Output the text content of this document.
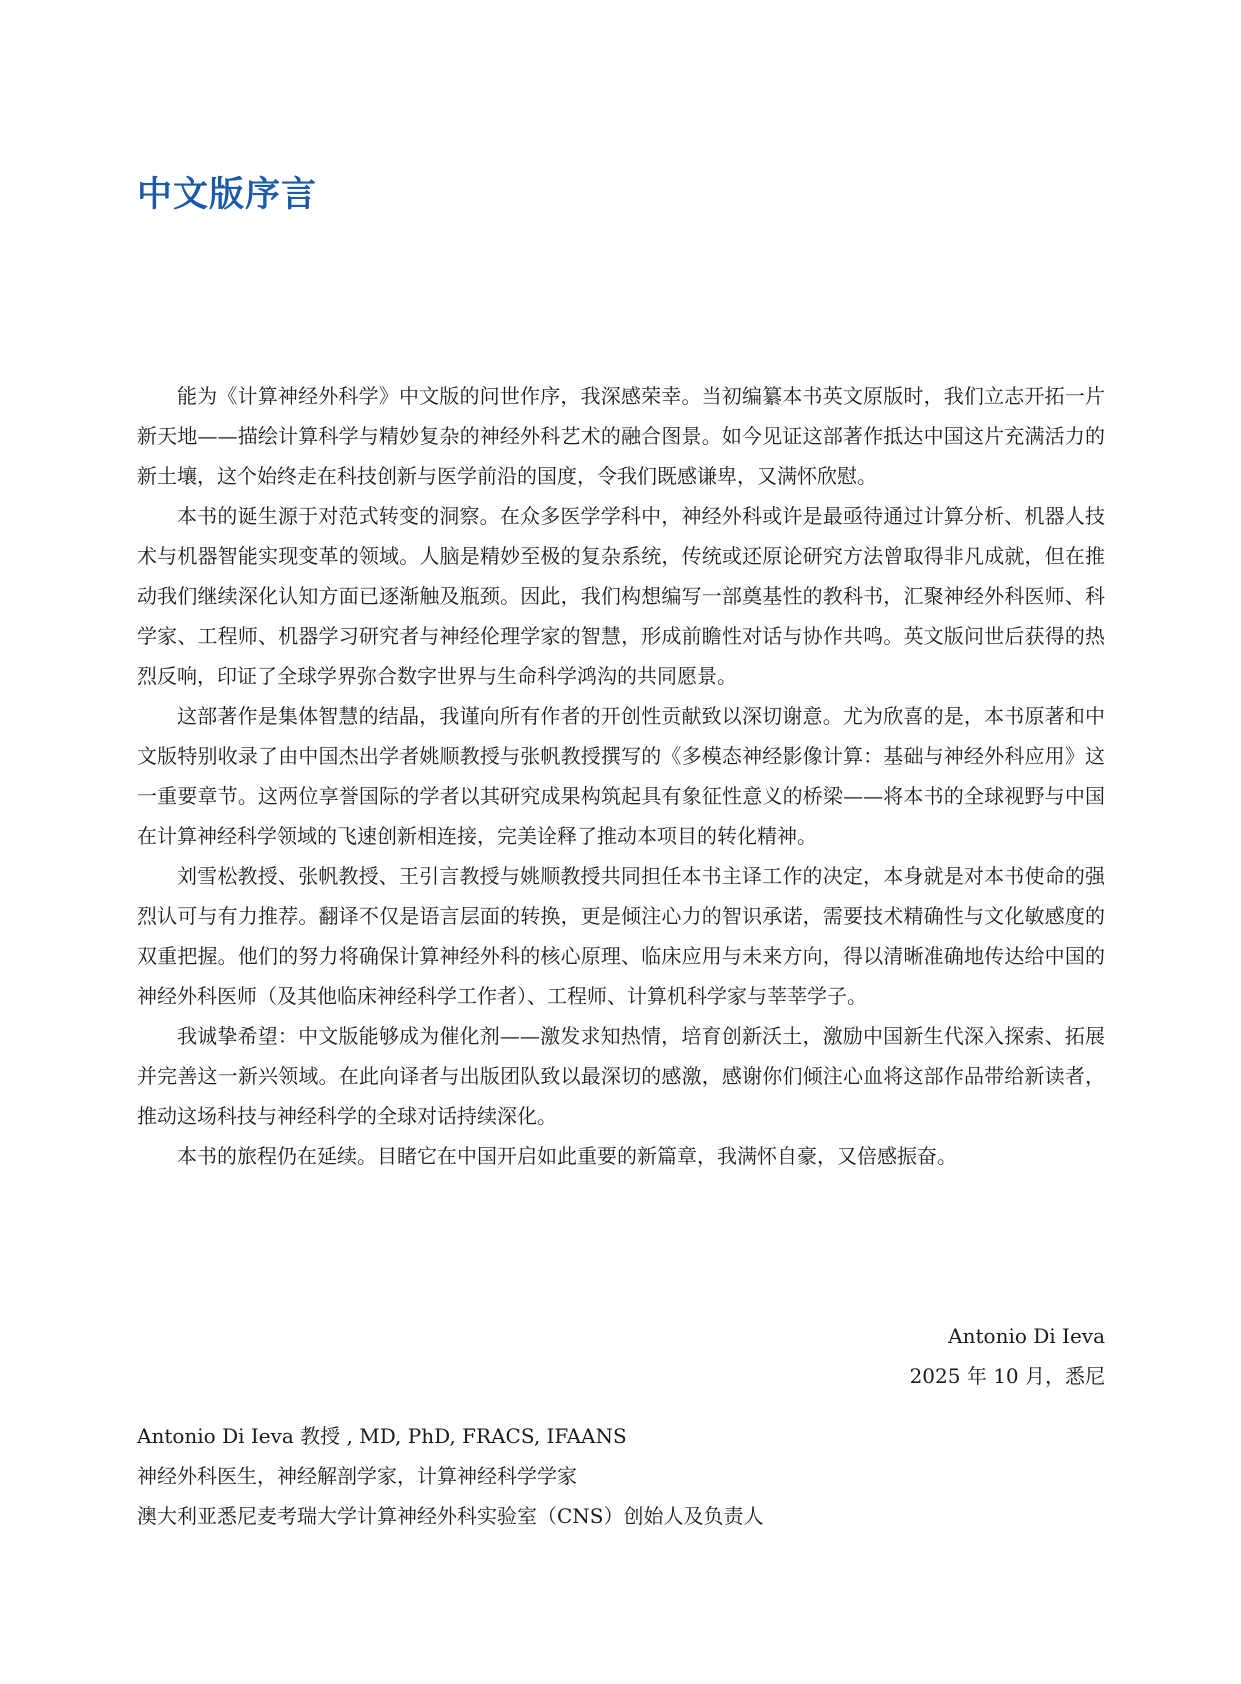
中文版序言

能为《计算神经外科学》中文版的问世作序，我深感荣幸。当初编纂本书英文原版时，我们立志开拓一片新天地——描绘计算科学与精妙复杂的神经外科艺术的融合图景。如今见证这部著作抵达中国这片充满活力的新土壤，这个始终走在科技创新与医学前沿的国度，令我们既感谦卑，又满怀欣慰。

本书的诞生源于对范式转变的洞察。在众多医学学科中，神经外科或许是最亟待通过计算分析、机器人技术与机器智能实现变革的领域。人脑是精妙至极的复杂系统，传统或还原论研究方法曾取得非凡成就，但在推动我们继续深化认知方面已逐渐触及瓶颈。因此，我们构想编写一部奠基性的教科书，汇聚神经外科医师、科学家、工程师、机器学习研究者与神经伦理学家的智慧，形成前瞻性对话与协作共鸣。英文版问世后获得的热烈反响，印证了全球学界弥合数字世界与生命科学鸿沟的共同愿景。

这部著作是集体智慧的结晶，我谨向所有作者的开创性贡献致以深切谢意。尤为欣喜的是，本书原著和中文版特别收录了由中国杰出学者姚顺教授与张帆教授撰写的《多模态神经影像计算：基础与神经外科应用》这一重要章节。这两位享誉国际的学者以其研究成果构筑起具有象征性意义的桥梁——将本书的全球视野与中国在计算神经科学领域的飞速创新相连接，完美诠释了推动本项目的转化精神。

刘雪松教授、张帆教授、王引言教授与姚顺教授共同担任本书主译工作的决定，本身就是对本书使命的强烈认可与有力推荐。翻译不仅是语言层面的转换，更是倾注心力的智识承诺，需要技术精确性与文化敏感度的双重把握。他们的努力将确保计算神经外科的核心原理、临床应用与未来方向，得以清晰准确地传达给中国的神经外科医师（及其他临床神经科学工作者）、工程师、计算机科学家与莘莘学子。

我诚挚希望：中文版能够成为催化剂——激发求知热情，培育创新沃土，激励中国新生代深入探索、拓展并完善这一新兴领域。在此向译者与出版团队致以最深切的感激，感谢你们倾注心血将这部作品带给新读者，推动这场科技与神经科学的全球对话持续深化。

本书的旅程仍在延续。目睹它在中国开启如此重要的新篇章，我满怀自豪，又倍感振奋。

Antonio Di Ieva
2025 年 10 月，悉尼
Antonio Di Ieva 教授 , MD, PhD, FRACS, IFAANS
神经外科医生，神经解剖学家，计算神经科学学家
澳大利亚悉尼麦考瑞大学计算神经外科实验室（CNS）创始人及负责人
